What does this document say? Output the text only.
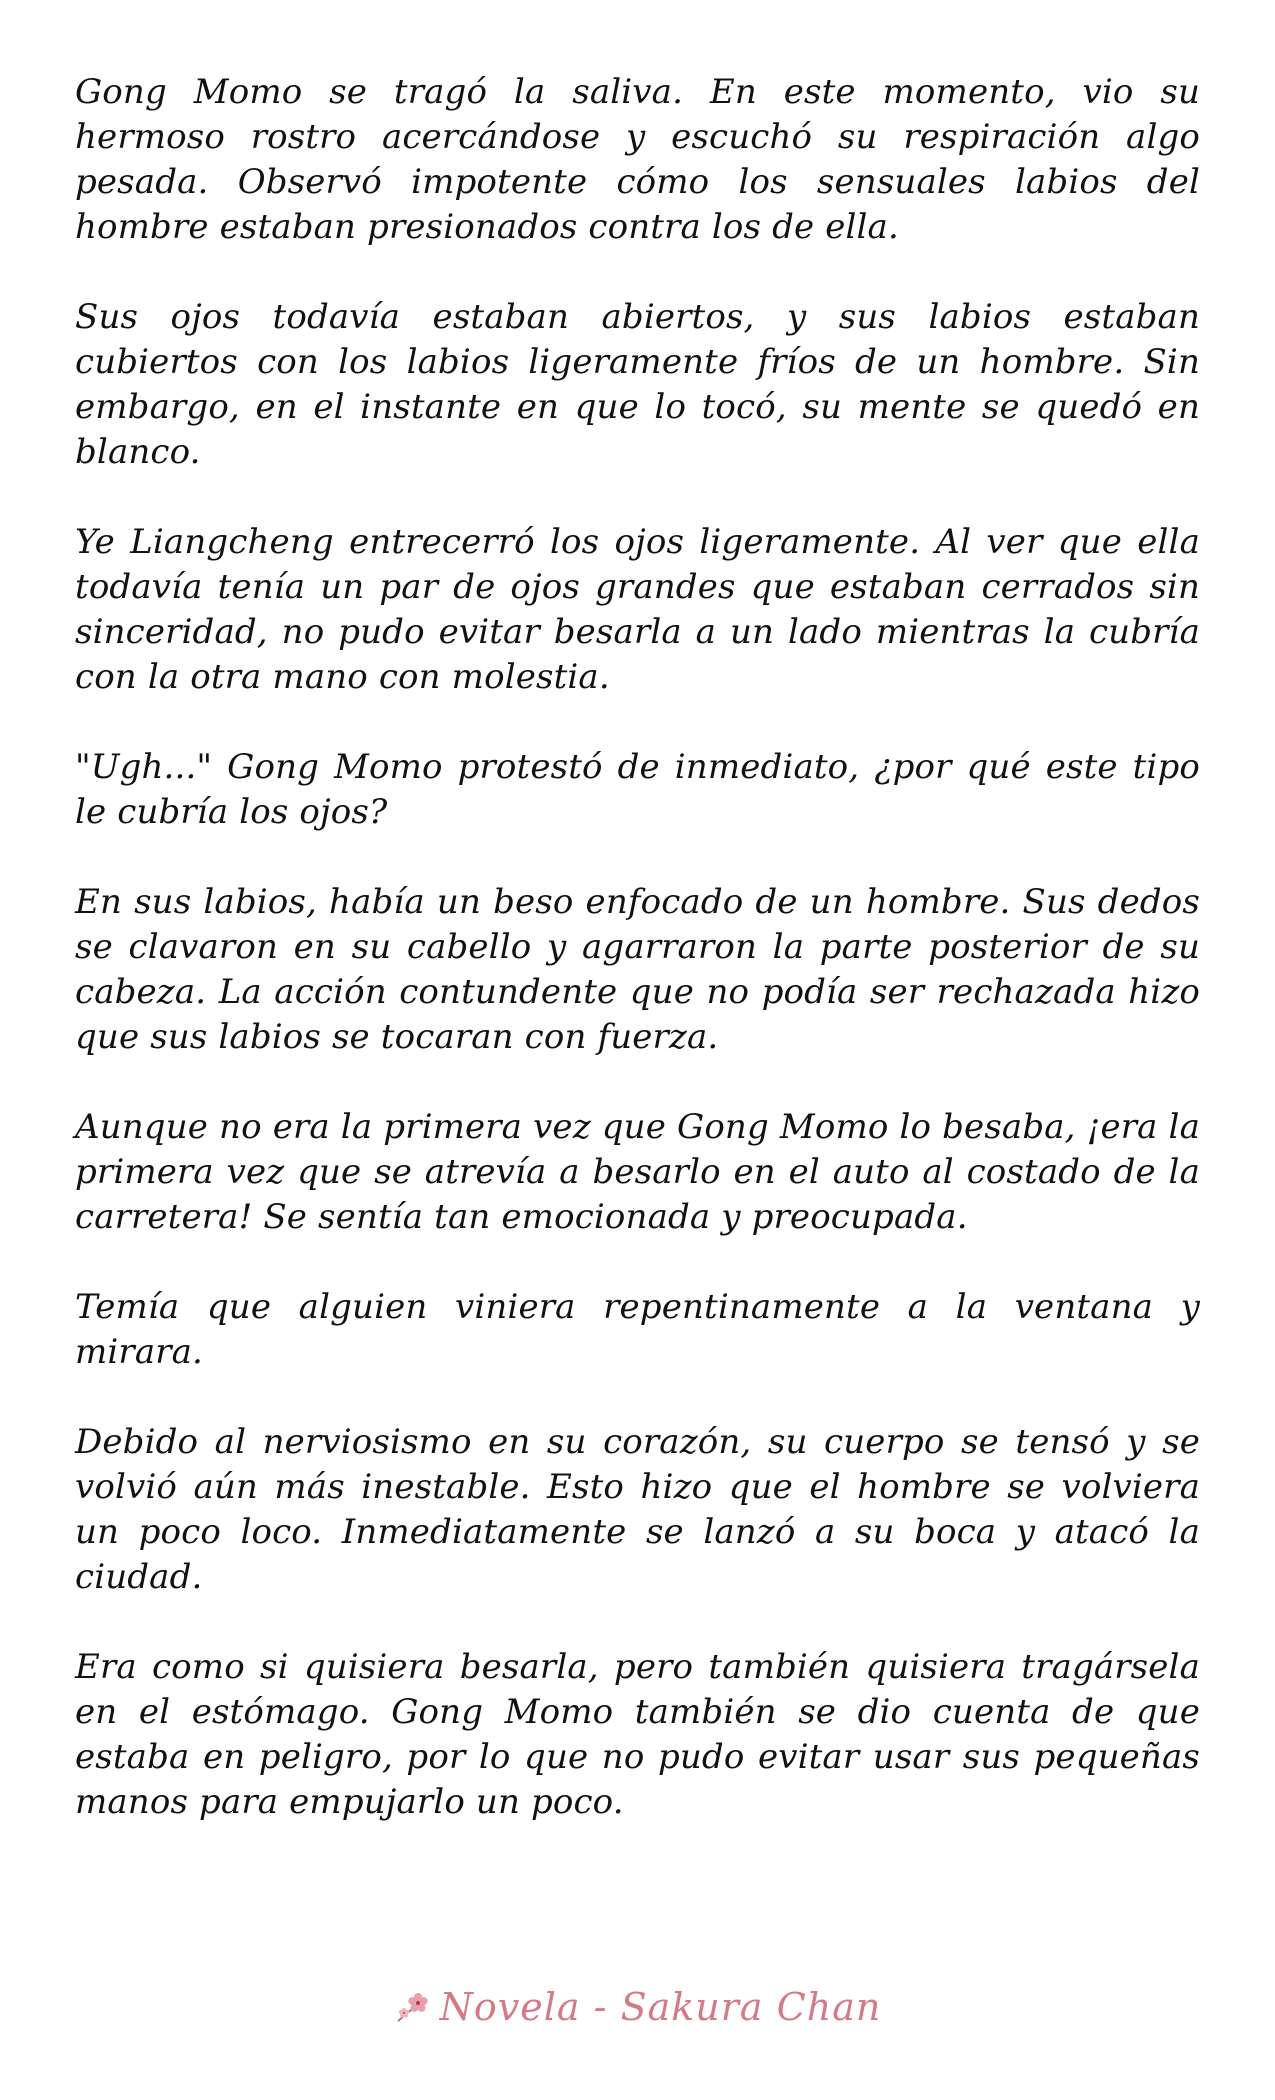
Gong Momo se tragó la saliva. En este momento, vio su hermoso rostro acercándose y escuchó su respiración algo pesada. Observó impotente cómo los sensuales labios del hombre estaban presionados contra los de ella.

Sus ojos todavía estaban abiertos, y sus labios estaban cubiertos con los labios ligeramente fríos de un hombre. Sin embargo, en el instante en que lo tocó, su mente se quedó en blanco.

Ye Liangcheng entrecerró los ojos ligeramente. Al ver que ella todavía tenía un par de ojos grandes que estaban cerrados sin sinceridad, no pudo evitar besarla a un lado mientras la cubría con la otra mano con molestia.

"Ugh..." Gong Momo protestó de inmediato, ¿por qué este tipo le cubría los ojos?

En sus labios, había un beso enfocado de un hombre. Sus dedos se clavaron en su cabello y agarraron la parte posterior de su cabeza. La acción contundente que no podía ser rechazada hizo que sus labios se tocaran con fuerza.

Aunque no era la primera vez que Gong Momo lo besaba, ¡era la primera vez que se atrevía a besarlo en el auto al costado de la carretera! Se sentía tan emocionada y preocupada.

Temía que alguien viniera repentinamente a la ventana y mirara.

Debido al nerviosismo en su corazón, su cuerpo se tensó y se volvió aún más inestable. Esto hizo que el hombre se volviera un poco loco. Inmediatamente se lanzó a su boca y atacó la ciudad.

Era como si quisiera besarla, pero también quisiera tragársela en el estómago. Gong Momo también se dio cuenta de que estaba en peligro, por lo que no pudo evitar usar sus pequeñas manos para empujarlo un poco.

Novela - Sakura Chan
